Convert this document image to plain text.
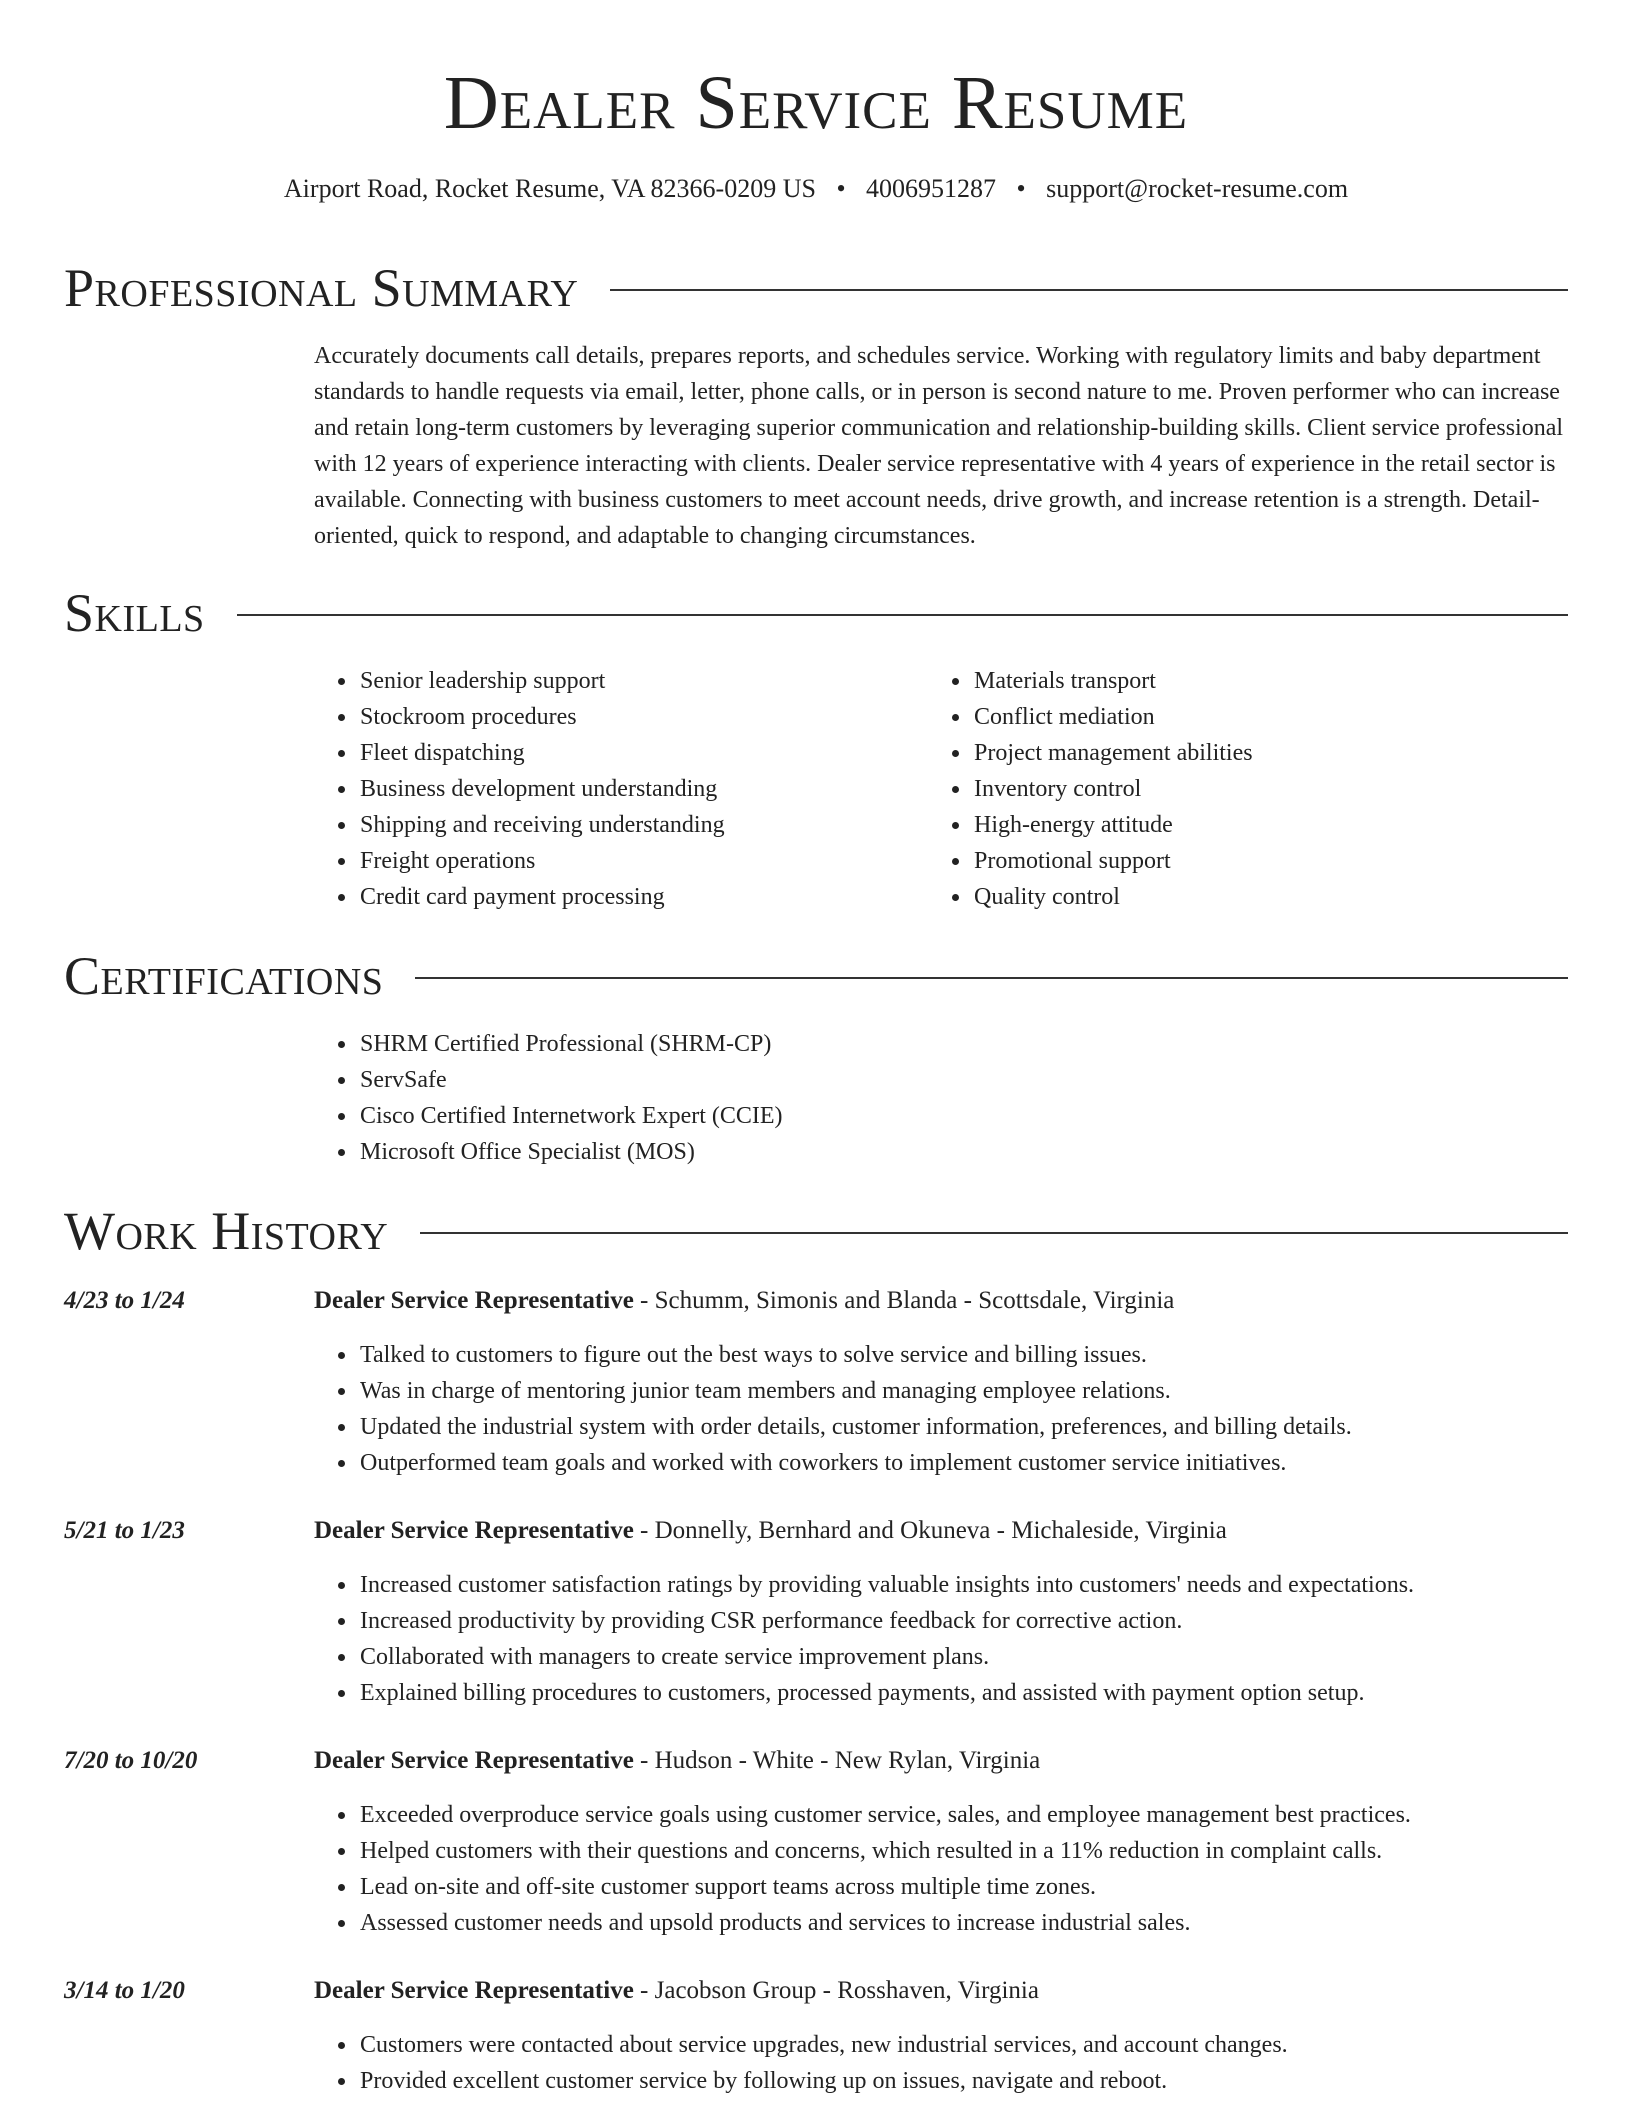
Dealer Service Resume
Airport Road, Rocket Resume, VA 82366-0209 US • 4006951287 • support@rocket-resume.com
Professional Summary
Accurately documents call details, prepares reports, and schedules service. Working with regulatory limits and baby department standards to handle requests via email, letter, phone calls, or in person is second nature to me. Proven performer who can increase and retain long-term customers by leveraging superior communication and relationship-building skills. Client service professional with 12 years of experience interacting with clients. Dealer service representative with 4 years of experience in the retail sector is available. Connecting with business customers to meet account needs, drive growth, and increase retention is a strength. Detail-oriented, quick to respond, and adaptable to changing circumstances.
Skills
• Senior leadership support
• Stockroom procedures
• Fleet dispatching
• Business development understanding
• Shipping and receiving understanding
• Freight operations
• Credit card payment processing
• Materials transport
• Conflict mediation
• Project management abilities
• Inventory control
• High-energy attitude
• Promotional support
• Quality control
Certifications
• SHRM Certified Professional (SHRM-CP)
• ServSafe
• Cisco Certified Internetwork Expert (CCIE)
• Microsoft Office Specialist (MOS)
Work History
4/23 to 1/24	Dealer Service Representative - Schumm, Simonis and Blanda - Scottsdale, Virginia
• Talked to customers to figure out the best ways to solve service and billing issues.
• Was in charge of mentoring junior team members and managing employee relations.
• Updated the industrial system with order details, customer information, preferences, and billing details.
• Outperformed team goals and worked with coworkers to implement customer service initiatives.
5/21 to 1/23	Dealer Service Representative - Donnelly, Bernhard and Okuneva - Michaleside, Virginia
• Increased customer satisfaction ratings by providing valuable insights into customers' needs and expectations.
• Increased productivity by providing CSR performance feedback for corrective action.
• Collaborated with managers to create service improvement plans.
• Explained billing procedures to customers, processed payments, and assisted with payment option setup.
7/20 to 10/20	Dealer Service Representative - Hudson - White - New Rylan, Virginia
• Exceeded overproduce service goals using customer service, sales, and employee management best practices.
• Helped customers with their questions and concerns, which resulted in a 11% reduction in complaint calls.
• Lead on-site and off-site customer support teams across multiple time zones.
• Assessed customer needs and upsold products and services to increase industrial sales.
3/14 to 1/20	Dealer Service Representative - Jacobson Group - Rosshaven, Virginia
• Customers were contacted about service upgrades, new industrial services, and account changes.
• Provided excellent customer service by following up on issues, navigate and reboot.
